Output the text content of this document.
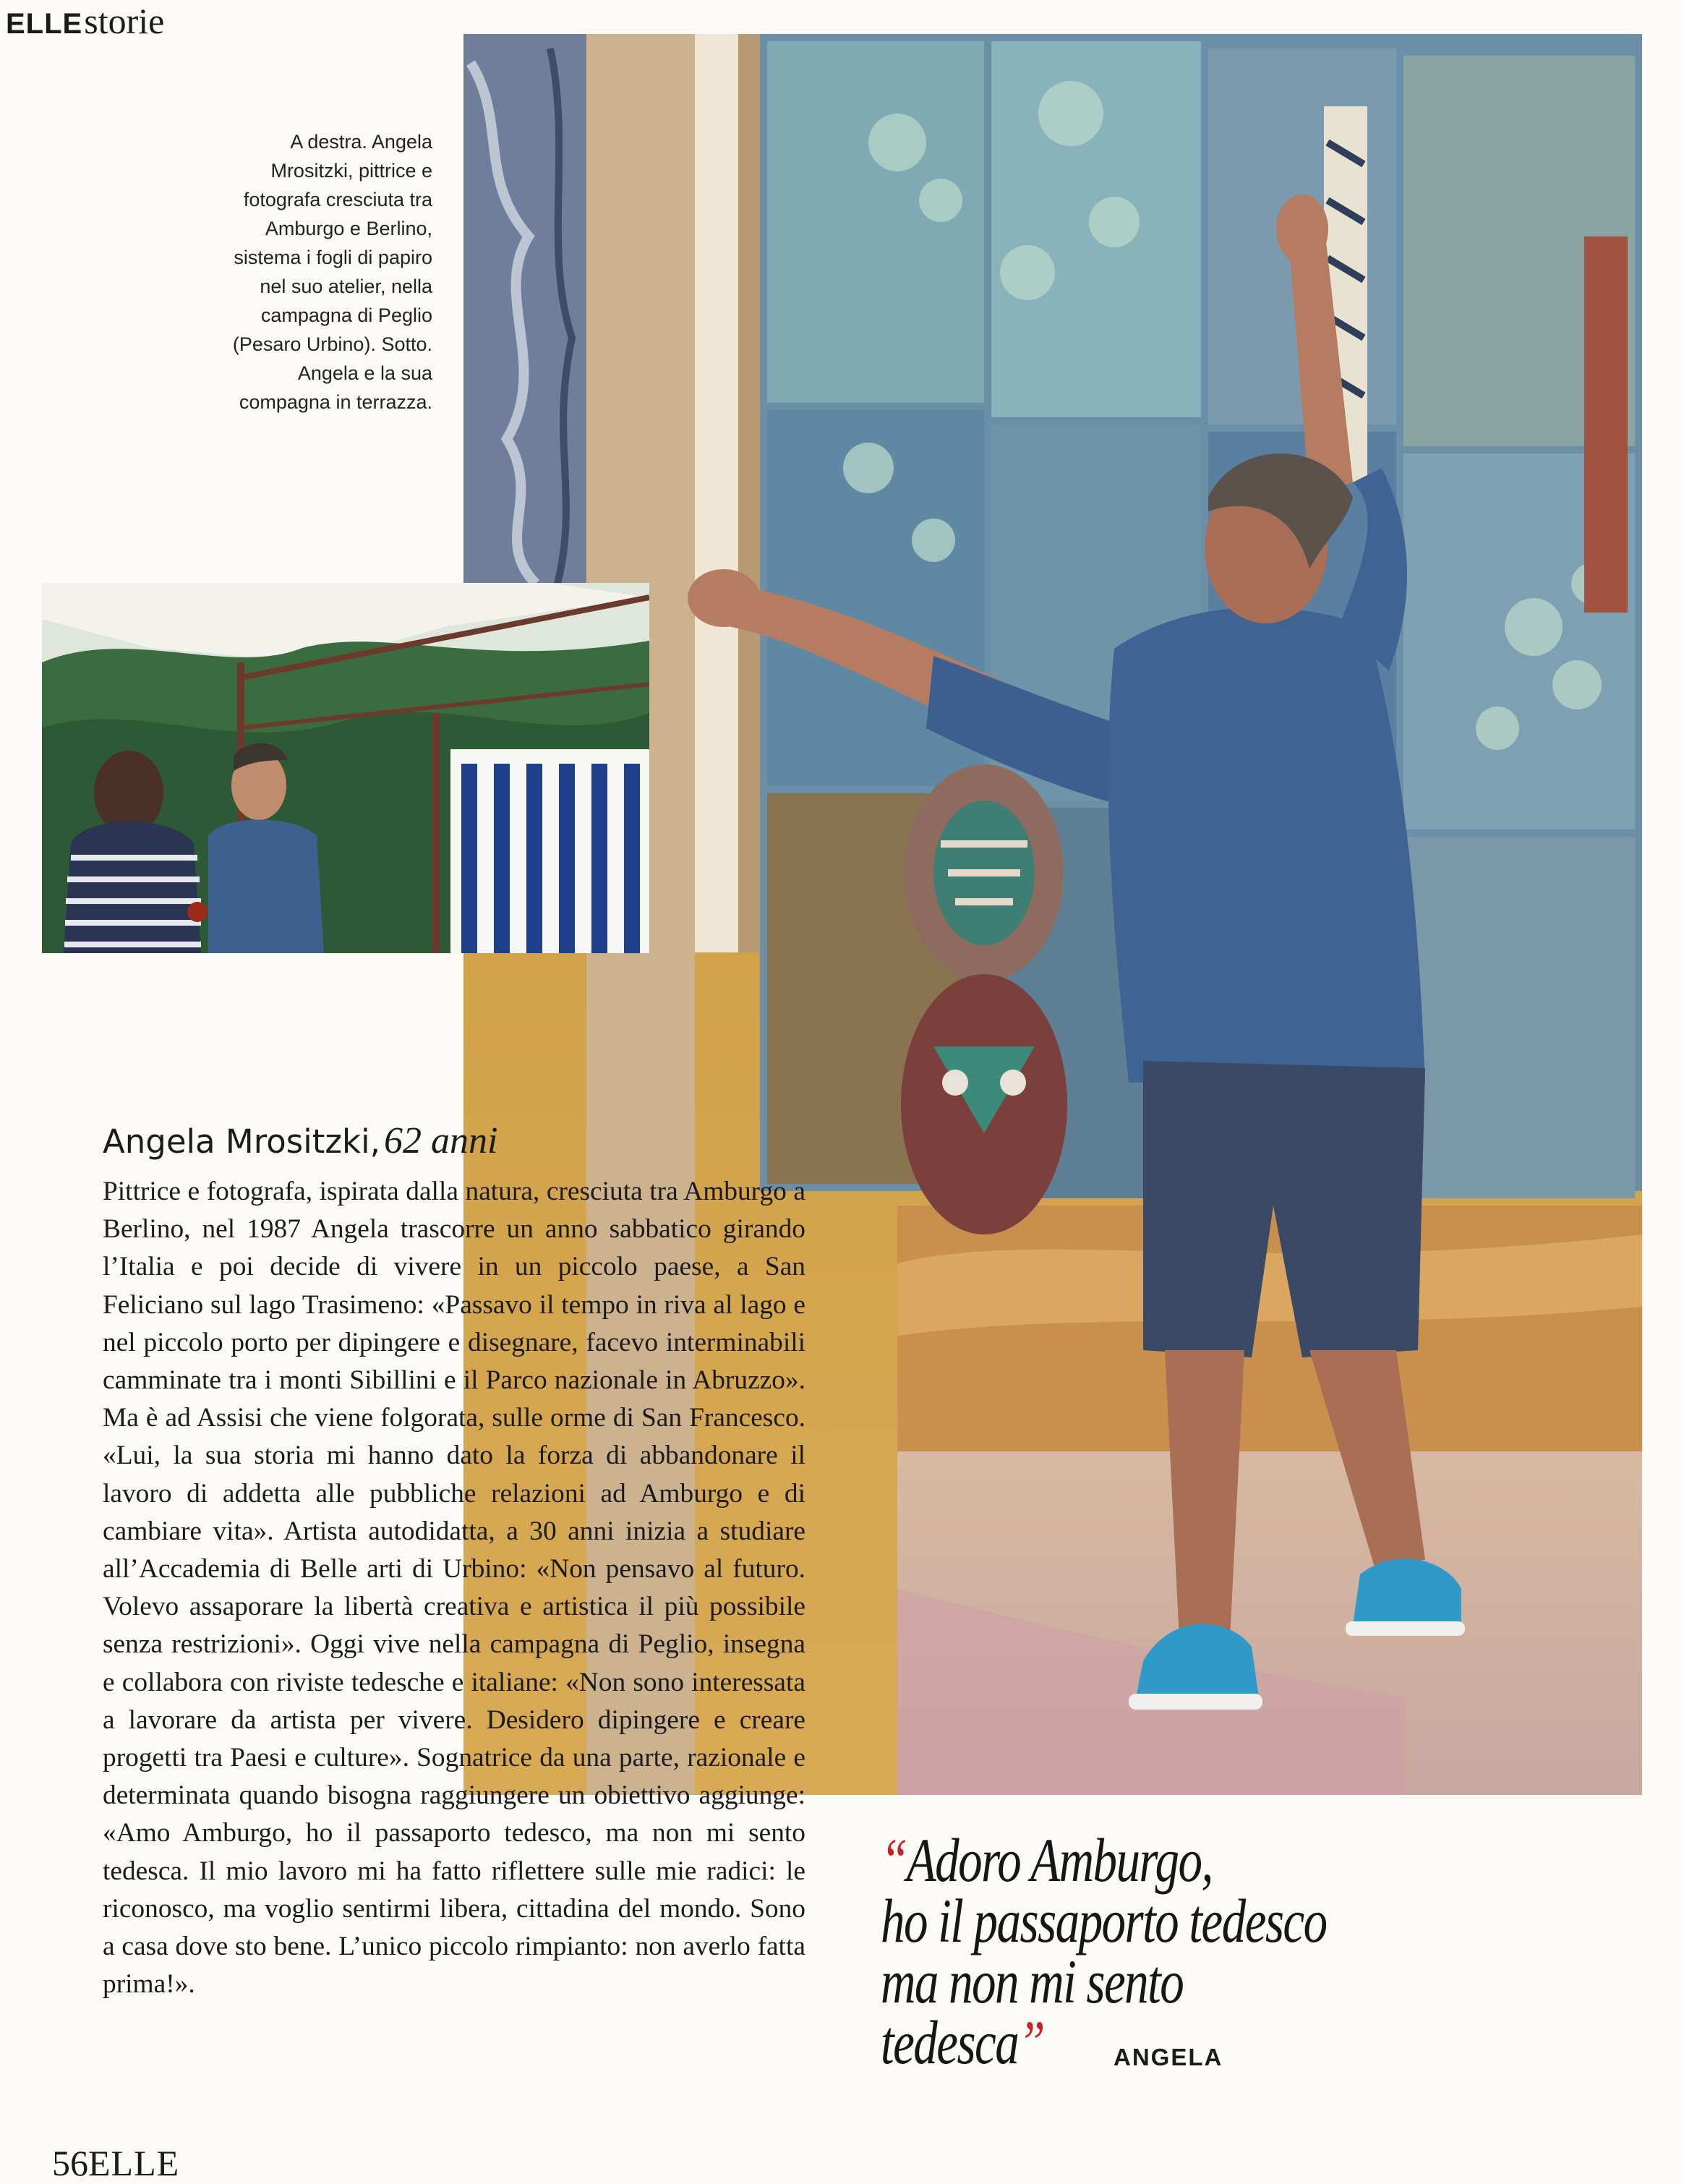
ELLEstorie
A destra. Angela Mrositzki, pittrice e fotografa cresciuta tra Amburgo e Berlino, sistema i fogli di papiro nel suo atelier, nella campagna di Peglio (Pesaro Urbino). Sotto. Angela e la sua compagna in terrazza.
Angela Mrositzki, 62 anni
Pittrice e fotografa, ispirata dalla natura, cresciuta tra Amburgo a Berlino, nel 1987 Angela trascorre un anno sabbatico girando l’Italia e poi decide di vivere in un piccolo paese, a San Feliciano sul lago Trasimeno: «Passavo il tempo in riva al lago e nel piccolo porto per dipingere e disegnare, facevo interminabili camminate tra i monti Sibillini e il Parco nazionale in Abruzzo». Ma è ad Assisi che viene folgorata, sulle orme di San Francesco. «Lui, la sua storia mi hanno dato la forza di abbandonare il lavoro di addetta alle pubbliche relazioni ad Amburgo e di cambiare vita». Artista autodidatta, a 30 anni inizia a studiare all’Accademia di Belle arti di Urbino: «Non pensavo al futuro. Volevo assaporare la libertà creativa e artistica il più possibile senza restrizioni». Oggi vive nella campagna di Peglio, insegna e collabora con riviste tedesche e italiane: «Non sono interessata a lavorare da artista per vivere. Desidero dipingere e creare progetti tra Paesi e culture». Sognatrice da una parte, razionale e determinata quando bisogna raggiungere un obiettivo aggiunge: «Amo Amburgo, ho il passaporto tedesco, ma non mi sento tedesca. Il mio lavoro mi ha fatto riflettere sulle mie radici: le riconosco, ma voglio sentirmi libera, cittadina del mondo. Sono a casa dove sto bene. L’unico piccolo rimpianto: non averlo fatta prima!».
“Adoro Amburgo,
ho il passaporto tedesco
ma non mi sento
tedesca”	ANGELA
56ELLE
